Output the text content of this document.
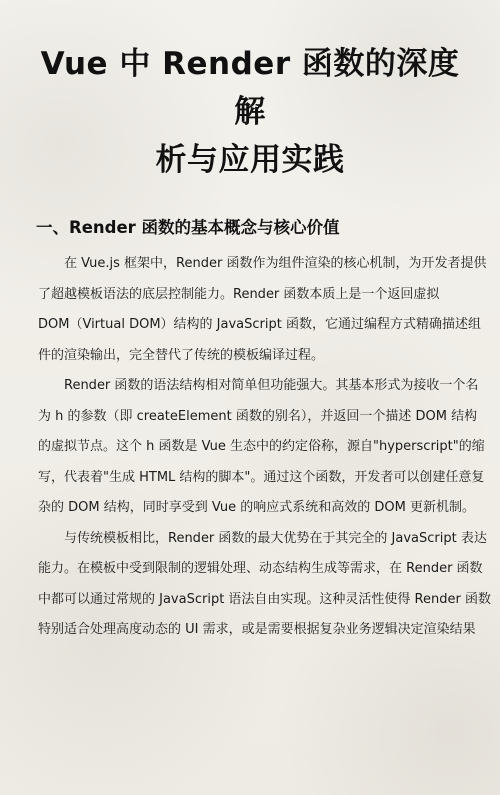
Vue 中 Render 函数的深度解
析与应用实践
一、Render 函数的基本概念与核心价值

在 Vue.js 框架中，Render 函数作为组件渲染的核心机制，为开发者提供
了超越模板语法的底层控制能力。Render 函数本质上是一个返回虚拟
DOM（Virtual DOM）结构的 JavaScript 函数，它通过编程方式精确描述组
件的渲染输出，完全替代了传统的模板编译过程。

Render 函数的语法结构相对简单但功能强大。其基本形式为接收一个名
为 h 的参数（即 createElement 函数的别名），并返回一个描述 DOM 结构
的虚拟节点。这个 h 函数是 Vue 生态中的约定俗称，源自"hyperscript"的缩
写，代表着"生成 HTML 结构的脚本"。通过这个函数，开发者可以创建任意复
杂的 DOM 结构，同时享受到 Vue 的响应式系统和高效的 DOM 更新机制。

与传统模板相比，Render 函数的最大优势在于其完全的 JavaScript 表达
能力。在模板中受到限制的逻辑处理、动态结构生成等需求，在 Render 函数
中都可以通过常规的 JavaScript 语法自由实现。这种灵活性使得 Render 函数
特别适合处理高度动态的 UI 需求，或是需要根据复杂业务逻辑决定渲染结果
